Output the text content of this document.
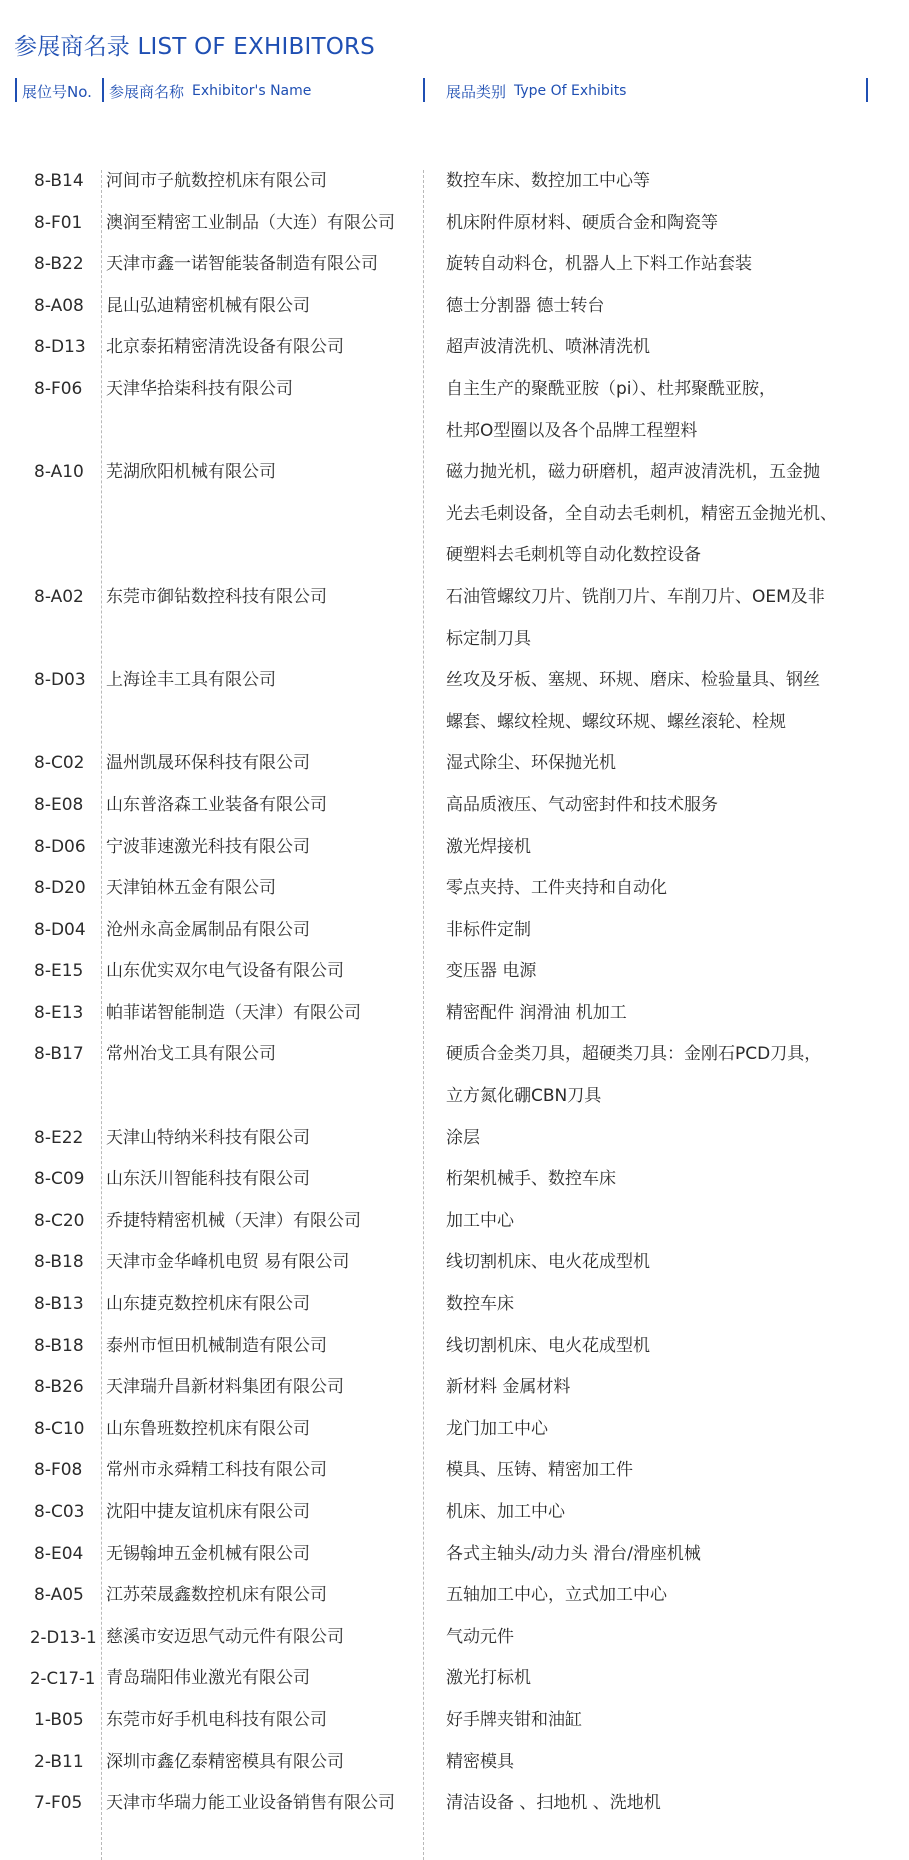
参展商名录 LIST OF EXHIBITORS
展位号No. 参展商名称 Exhibitor's Name	展品类别 Type Of Exhibits
8-B14	河间市子航数控机床有限公司	数控车床、数控加工中心等
8-F01	澳润至精密工业制品（大连）有限公司	机床附件原材料、硬质合金和陶瓷等
8-B22	天津市鑫一诺智能装备制造有限公司	旋转自动料仓，机器人上下料工作站套装
8-A08	昆山弘迪精密机械有限公司	德士分割器 德士转台
8-D13	北京泰拓精密清洗设备有限公司	超声波清洗机、喷淋清洗机
8-F06	天津华拾柒科技有限公司	自主生产的聚酰亚胺（pi）、杜邦聚酰亚胺，
杜邦O型圈以及各个品牌工程塑料
8-A10	芜湖欣阳机械有限公司	磁力抛光机，磁力研磨机，超声波清洗机，五金抛
光去毛刺设备，全自动去毛刺机，精密五金抛光机、
硬塑料去毛刺机等自动化数控设备
8-A02	东莞市御钻数控科技有限公司	石油管螺纹刀片、铣削刀片、车削刀片、OEM及非
标定制刀具
8-D03	上海诠丰工具有限公司	丝攻及牙板、塞规、环规、磨床、检验量具、钢丝
螺套、螺纹栓规、螺纹环规、螺丝滚轮、栓规
8-C02	温州凯晟环保科技有限公司	湿式除尘、环保抛光机
8-E08	山东普洛森工业装备有限公司	高品质液压、气动密封件和技术服务
8-D06	宁波菲速激光科技有限公司	激光焊接机
8-D20	天津铂林五金有限公司	零点夹持、工件夹持和自动化
8-D04	沧州永高金属制品有限公司	非标件定制
8-E15	山东优实双尔电气设备有限公司	变压器 电源
8-E13	帕菲诺智能制造（天津）有限公司	精密配件 润滑油 机加工
8-B17	常州冶戈工具有限公司	硬质合金类刀具，超硬类刀具：金刚石PCD刀具，
立方氮化硼CBN刀具
8-E22	天津山特纳米科技有限公司	涂层
8-C09	山东沃川智能科技有限公司	桁架机械手、数控车床
8-C20	乔捷特精密机械（天津）有限公司	加工中心
8-B18	天津市金华峰机电贸 易有限公司	线切割机床、电火花成型机
8-B13	山东捷克数控机床有限公司	数控车床
8-B18	泰州市恒田机械制造有限公司	线切割机床、电火花成型机
8-B26	天津瑞升昌新材料集团有限公司	新材料 金属材料
8-C10	山东鲁班数控机床有限公司	龙门加工中心
8-F08	常州市永舜精工科技有限公司	模具、压铸、精密加工件
8-C03	沈阳中捷友谊机床有限公司	机床、加工中心
8-E04	无锡翰坤五金机械有限公司	各式主轴头/动力头 滑台/滑座机械
8-A05	江苏荣晟鑫数控机床有限公司	五轴加工中心，立式加工中心
2-D13-1 慈溪市安迈思气动元件有限公司	气动元件
2-C17-1 青岛瑞阳伟业激光有限公司	激光打标机
1-B05	东莞市好手机电科技有限公司	好手牌夹钳和油缸
2-B11	深圳市鑫亿泰精密模具有限公司	精密模具
7-F05	天津市华瑞力能工业设备销售有限公司	清洁设备 、扫地机 、洗地机
